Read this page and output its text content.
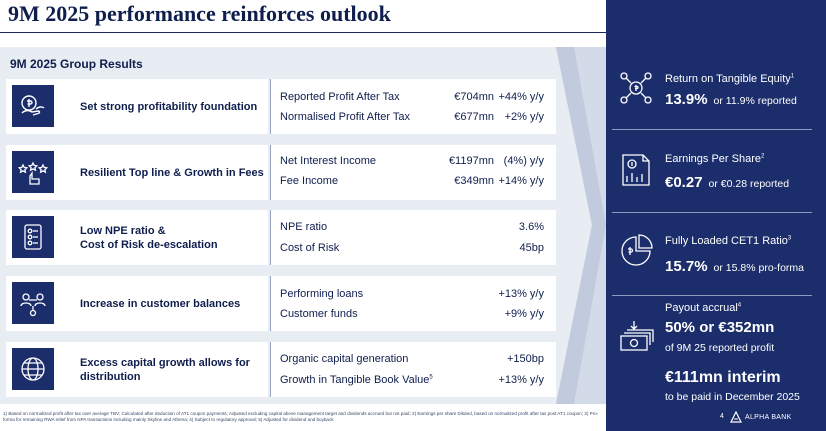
9M 2025 performance reinforces outlook
9M 2025 Group Results
Set strong profitability foundation
Reported Profit After Tax	€704mn +44% y/y
Normalised Profit After Tax	€677mn +2% y/y
Resilient Top line & Growth in Fees
Net Interest Income	€1197mn (4%) y/y
Fee Income	€349mn +14% y/y
Low NPE ratio &
Cost of Risk de-escalation
NPE ratio	3.6%
Cost of Risk	45bp
Increase in customer balances
Performing loans	+13% y/y
Customer funds	+9% y/y
Excess capital growth allows for
distribution
Organic capital generation	+150bp
Growth in Tangible Book Value$^5$	+13% y/y
Return on Tangible Equity$^1$
13.9% or 11.9% reported
Earnings Per Share$^2$
€0.27 or €0.28 reported
Fully Loaded CET1 Ratio$^3$
15.7% or 15.8% pro-forma
Payout accrual$^4$
50% or €352mn
of 9M 25 reported profit
€111mn interim
to be paid in December 2025
1) Based on normalized profit after tax over average TBV; Calculated after deduction of AT1 coupon payments; Adjusted excluding capital above management target and dividends accrued but not paid; 2) Earnings per share Diluted, based on normalized profit after tax post AT1 coupon; 3) Pro-forma for remaining RWA relief from NPA transactions including mainly Skyline and Athena; 4) Subject to regulatory approval; 5) Adjusted for dividend and buyback	4	ALPHA BANK
